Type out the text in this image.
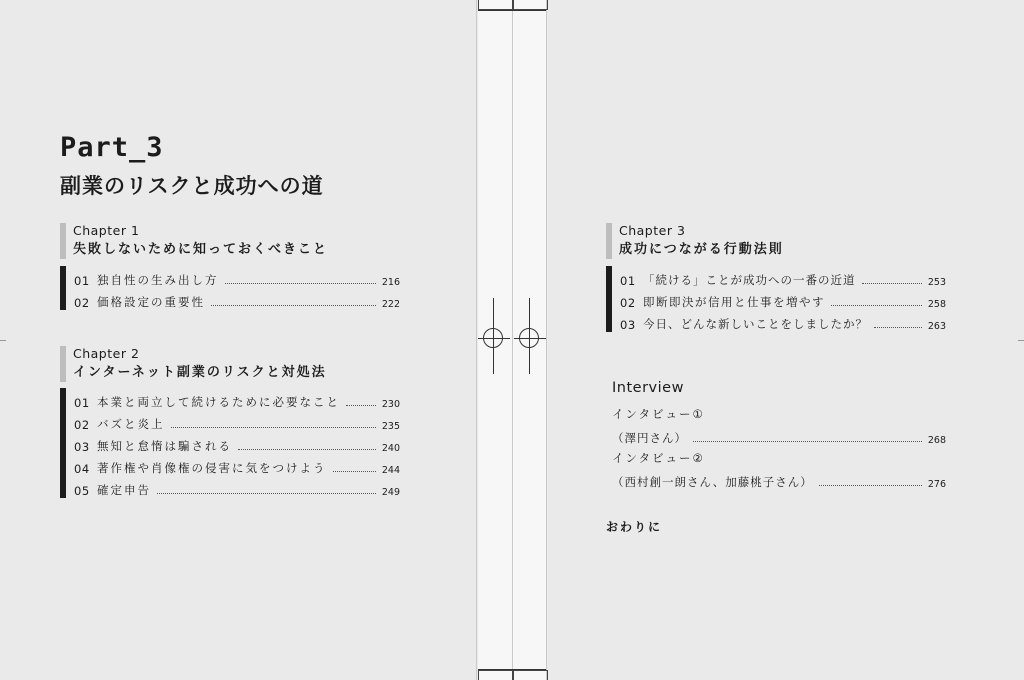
Part_3
副業のリスクと成功への道
Chapter 1
失敗しないために知っておくべきこと
01 独自性の生み出し方	216
02 価格設定の重要性	222
Chapter 2
インターネット副業のリスクと対処法
01 本業と両立して続けるために必要なこと	230
02 バズと炎上	235
03 無知と怠惰は騙される	240
04 著作権や肖像権の侵害に気をつけよう	244
05 確定申告	249
Chapter 3
成功につながる行動法則
01 「続ける」ことが成功への一番の近道	253
02 即断即決が信用と仕事を増やす	258
03 今日、どんな新しいことをしましたか？	263
Interview
インタビュー①
（澤円さん）	268
インタビュー②
（西村創一朗さん、加藤桃子さん）	276
おわりに
